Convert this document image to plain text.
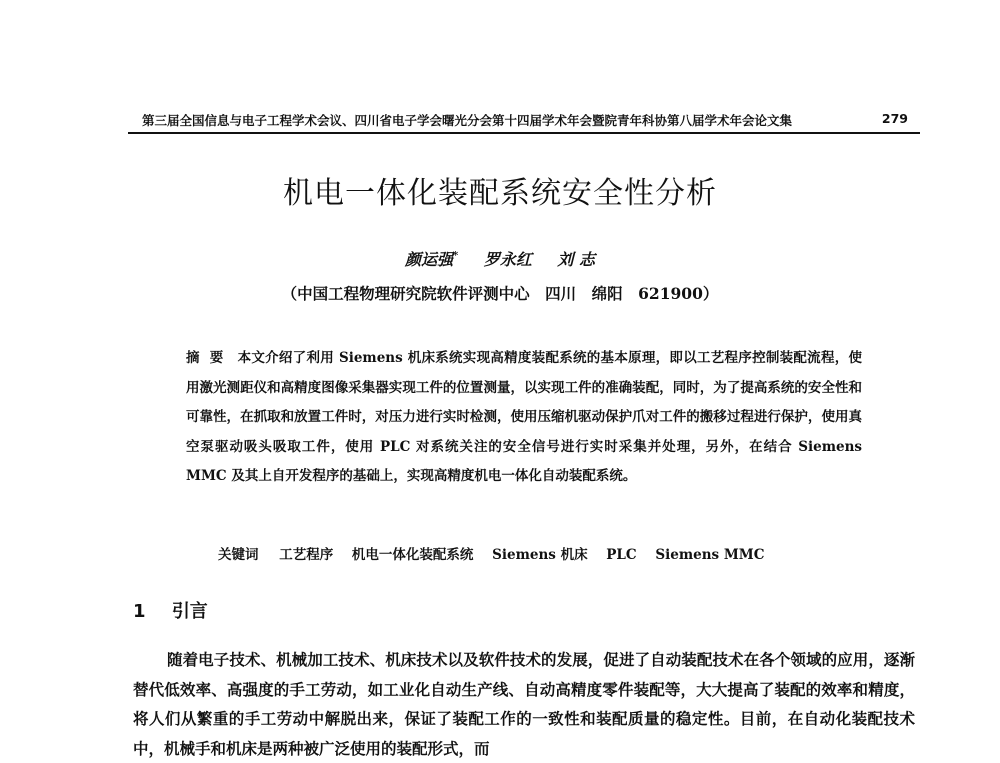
第三届全国信息与电子工程学术会议、四川省电子学会曙光分会第十四届学术年会暨院青年科协第八届学术年会论文集	279
机电一体化装配系统安全性分析
颜运强* 罗永红 刘 志
（中国工程物理研究院软件评测中心　四川　绵阳　621900）
摘要 本文介绍了利用 Siemens 机床系统实现高精度装配系统的基本原理，即以工艺程序控制装配流程，使用激光测距仪和高精度图像采集器实现工件的位置测量，以实现工件的准确装配，同时，为了提高系统的安全性和可靠性，在抓取和放置工件时，对压力进行实时检测，使用压缩机驱动保护爪对工件的搬移过程进行保护，使用真空泵驱动吸头吸取工件，使用 PLC 对系统关注的安全信号进行实时采集并处理，另外，在结合 Siemens MMC 及其上自开发程序的基础上，实现高精度机电一体化自动装配系统。
关键词 工艺程序 机电一体化装配系统 Siemens 机床 PLC Siemens MMC
1 引言

随着电子技术、机械加工技术、机床技术以及软件技术的发展，促进了自动装配技术在各个领域的应用，逐渐替代低效率、高强度的手工劳动，如工业化自动生产线、自动高精度零件装配等，大大提高了装配的效率和精度，将人们从繁重的手工劳动中解脱出来，保证了装配工作的一致性和装配质量的稳定性。目前，在自动化装配技术中，机械手和机床是两种被广泛使用的装配形式，而
